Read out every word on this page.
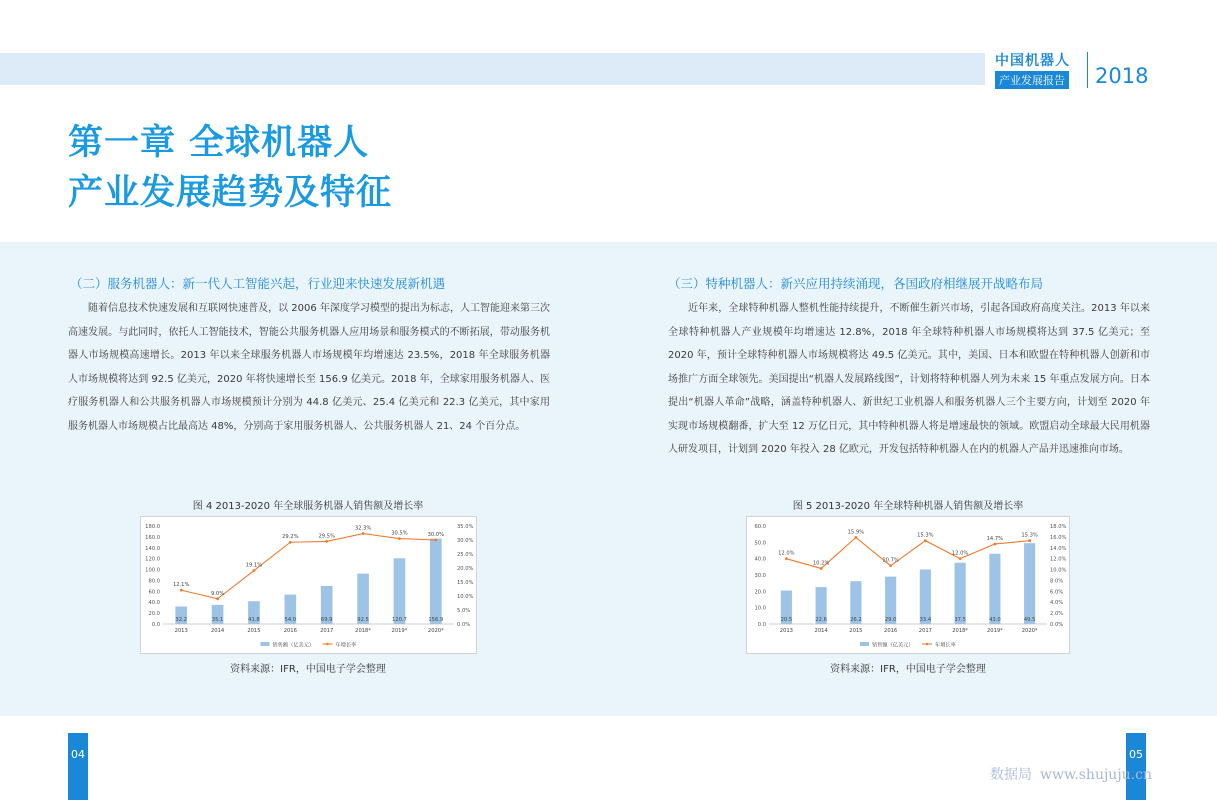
中国机器人
产业发展报告 2018
第一章 全球机器人
产业发展趋势及特征
（二）服务机器人：新一代人工智能兴起，行业迎来快速发展新机遇
随着信息技术快速发展和互联网快速普及，以 2006 年深度学习模型的提出为标志，人工智能迎来第三次高速发展。与此同时，依托人工智能技术，智能公共服务机器人应用场景和服务模式的不断拓展，带动服务机器人市场规模高速增长。2013 年以来全球服务机器人市场规模年均增速达 23.5%，2018 年全球服务机器人市场规模将达到 92.5 亿美元，2020 年将快速增长至 156.9 亿美元。2018 年，全球家用服务机器人、医疗服务机器人和公共服务机器人市场规模预计分别为 44.8 亿美元、25.4 亿美元和 22.3 亿美元，其中家用服务机器人市场规模占比最高达 48%，分别高于家用服务机器人、公共服务机器人 21、24 个百分点。
图 4 2013-2020 年全球服务机器人销售额及增长率
0.0
20.0
40.0
60.0
80.0
100.0
120.0
140.0
160.0
180.0
0.0%
5.0%
10.0%
15.0%
20.0%
25.0%
30.0%
35.0%
32.2
2013
35.1
2014
41.8
2015
54.0
2016
69.9
2017
92.5
2018*
120.7
2019*
156.9
2020*
12.1%
9.0%
19.1%
29.2%	29.5%
32.3%
30.5%	30.0%
销售额（亿美元）	年增长率
资料来源：IFR，中国电子学会整理
（三）特种机器人：新兴应用持续涌现，各国政府相继展开战略布局
近年来，全球特种机器人整机性能持续提升，不断催生新兴市场，引起各国政府高度关注。2013 年以来全球特种机器人产业规模年均增速达 12.8%，2018 年全球特种机器人市场规模将达到 37.5 亿美元；至 2020 年，预计全球特种机器人市场规模将达 49.5 亿美元。其中，美国、日本和欧盟在特种机器人创新和市场推广方面全球领先。美国提出“机器人发展路线图”，计划将特种机器人列为未来 15 年重点发展方向。日本提出“机器人革命”战略，涵盖特种机器人、新世纪工业机器人和服务机器人三个主要方向，计划至 2020 年实现市场规模翻番，扩大至 12 万亿日元，其中特种机器人将是增速最快的领域。欧盟启动全球最大民用机器人研发项目，计划到 2020 年投入 28 亿欧元，开发包括特种机器人在内的机器人产品并迅速推向市场。
图 5 2013-2020 年全球特种机器人销售额及增长率
0.0
10.0
20.0
30.0
40.0
50.0
60.0
0.0%
2.0%
4.0%
6.0%
8.0%
10.0%
12.0%
14.0%
16.0%
18.0%
20.5
2013
22.6
2014
26.2
2015
29.0
2016
33.4
2017
37.5
2018*
43.0
2019*
49.5
2020*
12.0%
10.2%
15.9%
10.7%
15.3%
12.0%
14.7%
15.3%
销售额（亿美元）	年增长率
资料来源：IFR，中国电子学会整理
04	05
数据局 www.shujuju.cn
